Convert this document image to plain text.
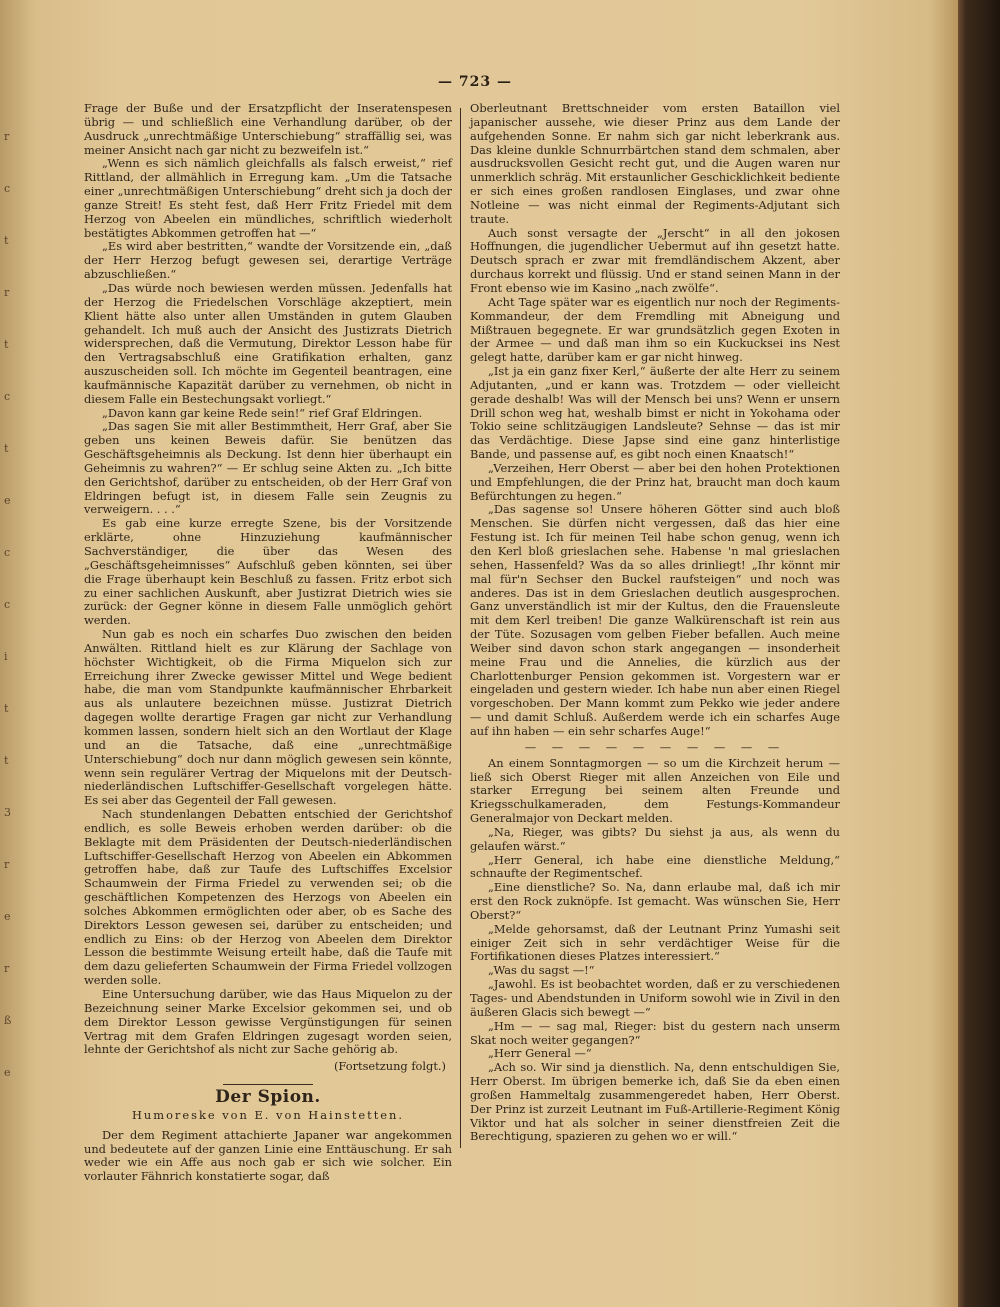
r
c
t
r
t
c
t
e
c
c
i
t
t
3
r
e
r
ß
e
— 723 —

Frage der Buße und der Ersatzpflicht der Inseratenspesen übrig — und schließlich eine Verhandlung darüber, ob der Ausdruck „unrechtmäßige Unterschiebung“ straffällig sei, was meiner Ansicht nach gar nicht zu bezweifeln ist.“

„Wenn es sich nämlich gleichfalls als falsch erweist,“ rief Rittland, der allmählich in Erregung kam. „Um die Tatsache einer „unrechtmäßigen Unterschiebung“ dreht sich ja doch der ganze Streit! Es steht fest, daß Herr Fritz Friedel mit dem Herzog von Abeelen ein mündliches, schriftlich wiederholt bestätigtes Abkommen getroffen hat —“

„Es wird aber bestritten,“ wandte der Vorsitzende ein, „daß der Herr Herzog befugt gewesen sei, derartige Verträge abzuschließen.“

„Das würde noch bewiesen werden müssen. Jedenfalls hat der Herzog die Friedelschen Vorschläge akzeptiert, mein Klient hätte also unter allen Umständen in gutem Glauben gehandelt. Ich muß auch der Ansicht des Justizrats Dietrich widersprechen, daß die Vermutung, Direktor Lesson habe für den Vertragsabschluß eine Gratifikation erhalten, ganz auszuscheiden soll. Ich möchte im Gegenteil beantragen, eine kaufmännische Kapazität darüber zu vernehmen, ob nicht in diesem Falle ein Bestechungsakt vorliegt.“

„Davon kann gar keine Rede sein!“ rief Graf Eldringen.

„Das sagen Sie mit aller Bestimmtheit, Herr Graf, aber Sie geben uns keinen Beweis dafür. Sie benützen das Geschäftsgeheimnis als Deckung. Ist denn hier überhaupt ein Geheimnis zu wahren?“ — Er schlug seine Akten zu. „Ich bitte den Gerichtshof, darüber zu entscheiden, ob der Herr Graf von Eldringen befugt ist, in diesem Falle sein Zeugnis zu verweigern. . . .“

Es gab eine kurze erregte Szene, bis der Vorsitzende erklärte, ohne Hinzuziehung kaufmännischer Sachverständiger, die über das Wesen des „Geschäftsgeheimnisses“ Aufschluß geben könnten, sei über die Frage überhaupt kein Beschluß zu fassen. Fritz erbot sich zu einer sachlichen Auskunft, aber Justizrat Dietrich wies sie zurück: der Gegner könne in diesem Falle unmöglich gehört werden.

Nun gab es noch ein scharfes Duo zwischen den beiden Anwälten. Rittland hielt es zur Klärung der Sachlage von höchster Wichtigkeit, ob die Firma Miquelon sich zur Erreichung ihrer Zwecke gewisser Mittel und Wege bedient habe, die man vom Standpunkte kaufmännischer Ehrbarkeit aus als unlautere bezeichnen müsse. Justizrat Dietrich dagegen wollte derartige Fragen gar nicht zur Verhandlung kommen lassen, sondern hielt sich an den Wortlaut der Klage und an die Tatsache, daß eine „unrechtmäßige Unterschiebung“ doch nur dann möglich gewesen sein könnte, wenn sein regulärer Vertrag der Miquelons mit der Deutsch-niederländischen Luftschiffer-Gesellschaft vorgelegen hätte. Es sei aber das Gegenteil der Fall gewesen.

Nach stundenlangen Debatten entschied der Gerichtshof endlich, es solle Beweis erhoben werden darüber: ob die Beklagte mit dem Präsidenten der Deutsch-niederländischen Luftschiffer-Gesellschaft Herzog von Abeelen ein Abkommen getroffen habe, daß zur Taufe des Luftschiffes Excelsior Schaumwein der Firma Friedel zu verwenden sei; ob die geschäftlichen Kompetenzen des Herzogs von Abeelen ein solches Abkommen ermöglichten oder aber, ob es Sache des Direktors Lesson gewesen sei, darüber zu entscheiden; und endlich zu Eins: ob der Herzog von Abeelen dem Direktor Lesson die bestimmte Weisung erteilt habe, daß die Taufe mit dem dazu gelieferten Schaumwein der Firma Friedel vollzogen werden solle.

Eine Untersuchung darüber, wie das Haus Miquelon zu der Bezeichnung seiner Marke Excelsior gekommen sei, und ob dem Direktor Lesson gewisse Vergünstigungen für seinen Vertrag mit dem Grafen Eldringen zugesagt worden seien, lehnte der Gerichtshof als nicht zur Sache gehörig ab.

(Fortsetzung folgt.)
Der Spion.
Humoreske von E. von Hainstetten.

Der dem Regiment attachierte Japaner war angekommen und bedeutete auf der ganzen Linie eine Enttäuschung. Er sah weder wie ein Affe aus noch gab er sich wie solcher. Ein vorlauter Fähnrich konstatierte sogar, daß

Oberleutnant Brettschneider vom ersten Bataillon viel japanischer aussehe, wie dieser Prinz aus dem Lande der aufgehenden Sonne. Er nahm sich gar nicht leberkrank aus. Das kleine dunkle Schnurrbärtchen stand dem schmalen, aber ausdrucksvollen Gesicht recht gut, und die Augen waren nur unmerklich schräg. Mit erstaunlicher Geschicklichkeit bediente er sich eines großen randlosen Einglases, und zwar ohne Notleine — was nicht einmal der Regiments-Adjutant sich traute.

Auch sonst versagte der „Jerscht“ in all den jokosen Hoffnungen, die jugendlicher Uebermut auf ihn gesetzt hatte. Deutsch sprach er zwar mit fremdländischem Akzent, aber durchaus korrekt und flüssig. Und er stand seinen Mann in der Front ebenso wie im Kasino „nach zwölfe“.

Acht Tage später war es eigentlich nur noch der Regiments-Kommandeur, der dem Fremdling mit Abneigung und Mißtrauen begegnete. Er war grundsätzlich gegen Exoten in der Armee — und daß man ihm so ein Kuckucksei ins Nest gelegt hatte, darüber kam er gar nicht hinweg.

„Ist ja ein ganz fixer Kerl,“ äußerte der alte Herr zu seinem Adjutanten, „und er kann was. Trotzdem — oder vielleicht gerade deshalb! Was will der Mensch bei uns? Wenn er unsern Drill schon weg hat, weshalb bimst er nicht in Yokohama oder Tokio seine schlitzäugigen Landsleute? Sehnse — das ist mir das Verdächtige. Diese Japse sind eine ganz hinterlistige Bande, und passense auf, es gibt noch einen Knaatsch!“

„Verzeihen, Herr Oberst — aber bei den hohen Protektionen und Empfehlungen, die der Prinz hat, braucht man doch kaum Befürchtungen zu hegen.“

„Das sagense so! Unsere höheren Götter sind auch bloß Menschen. Sie dürfen nicht vergessen, daß das hier eine Festung ist. Ich für meinen Teil habe schon genug, wenn ich den Kerl bloß grieslachen sehe. Habense 'n mal grieslachen sehen, Hassenfeld? Was da so alles drinliegt! „Ihr könnt mir mal für'n Sechser den Buckel raufsteigen“ und noch was anderes. Das ist in dem Grieslachen deutlich ausgesprochen. Ganz unverständlich ist mir der Kultus, den die Frauensleute mit dem Kerl treiben! Die ganze Walkürenschaft ist rein aus der Tüte. Sozusagen vom gelben Fieber befallen. Auch meine Weiber sind davon schon stark angegangen — insonderheit meine Frau und die Annelies, die kürzlich aus der Charlottenburger Pension gekommen ist. Vorgestern war er eingeladen und gestern wieder. Ich habe nun aber einen Riegel vorgeschoben. Der Mann kommt zum Pekko wie jeder andere — und damit Schluß. Außerdem werde ich ein scharfes Auge auf ihn haben — ein sehr scharfes Auge!“

— — — — — — — — — —

An einem Sonntagmorgen — so um die Kirchzeit herum — ließ sich Oberst Rieger mit allen Anzeichen von Eile und starker Erregung bei seinem alten Freunde und Kriegsschulkameraden, dem Festungs-Kommandeur Generalmajor von Deckart melden.

„Na, Rieger, was gibts? Du siehst ja aus, als wenn du gelaufen wärst.“

„Herr General, ich habe eine dienstliche Meldung,“ schnaufte der Regimentschef.

„Eine dienstliche? So. Na, dann erlaube mal, daß ich mir erst den Rock zuknöpfe. Ist gemacht. Was wünschen Sie, Herr Oberst?“

„Melde gehorsamst, daß der Leutnant Prinz Yumashi seit einiger Zeit sich in sehr verdächtiger Weise für die Fortifikationen dieses Platzes interessiert.“

„Was du sagst —!“

„Jawohl. Es ist beobachtet worden, daß er zu verschiedenen Tages- und Abendstunden in Uniform sowohl wie in Zivil in den äußeren Glacis sich bewegt —“

„Hm — — sag mal, Rieger: bist du gestern nach unserm Skat noch weiter gegangen?“

„Herr General —“

„Ach so. Wir sind ja dienstlich. Na, denn entschuldigen Sie, Herr Oberst. Im übrigen bemerke ich, daß Sie da eben einen großen Hammeltalg zusammengeredet haben, Herr Oberst. Der Prinz ist zurzeit Leutnant im Fuß-Artillerie-Regiment König Viktor und hat als solcher in seiner dienstfreien Zeit die Berechtigung, spazieren zu gehen wo er will.“
